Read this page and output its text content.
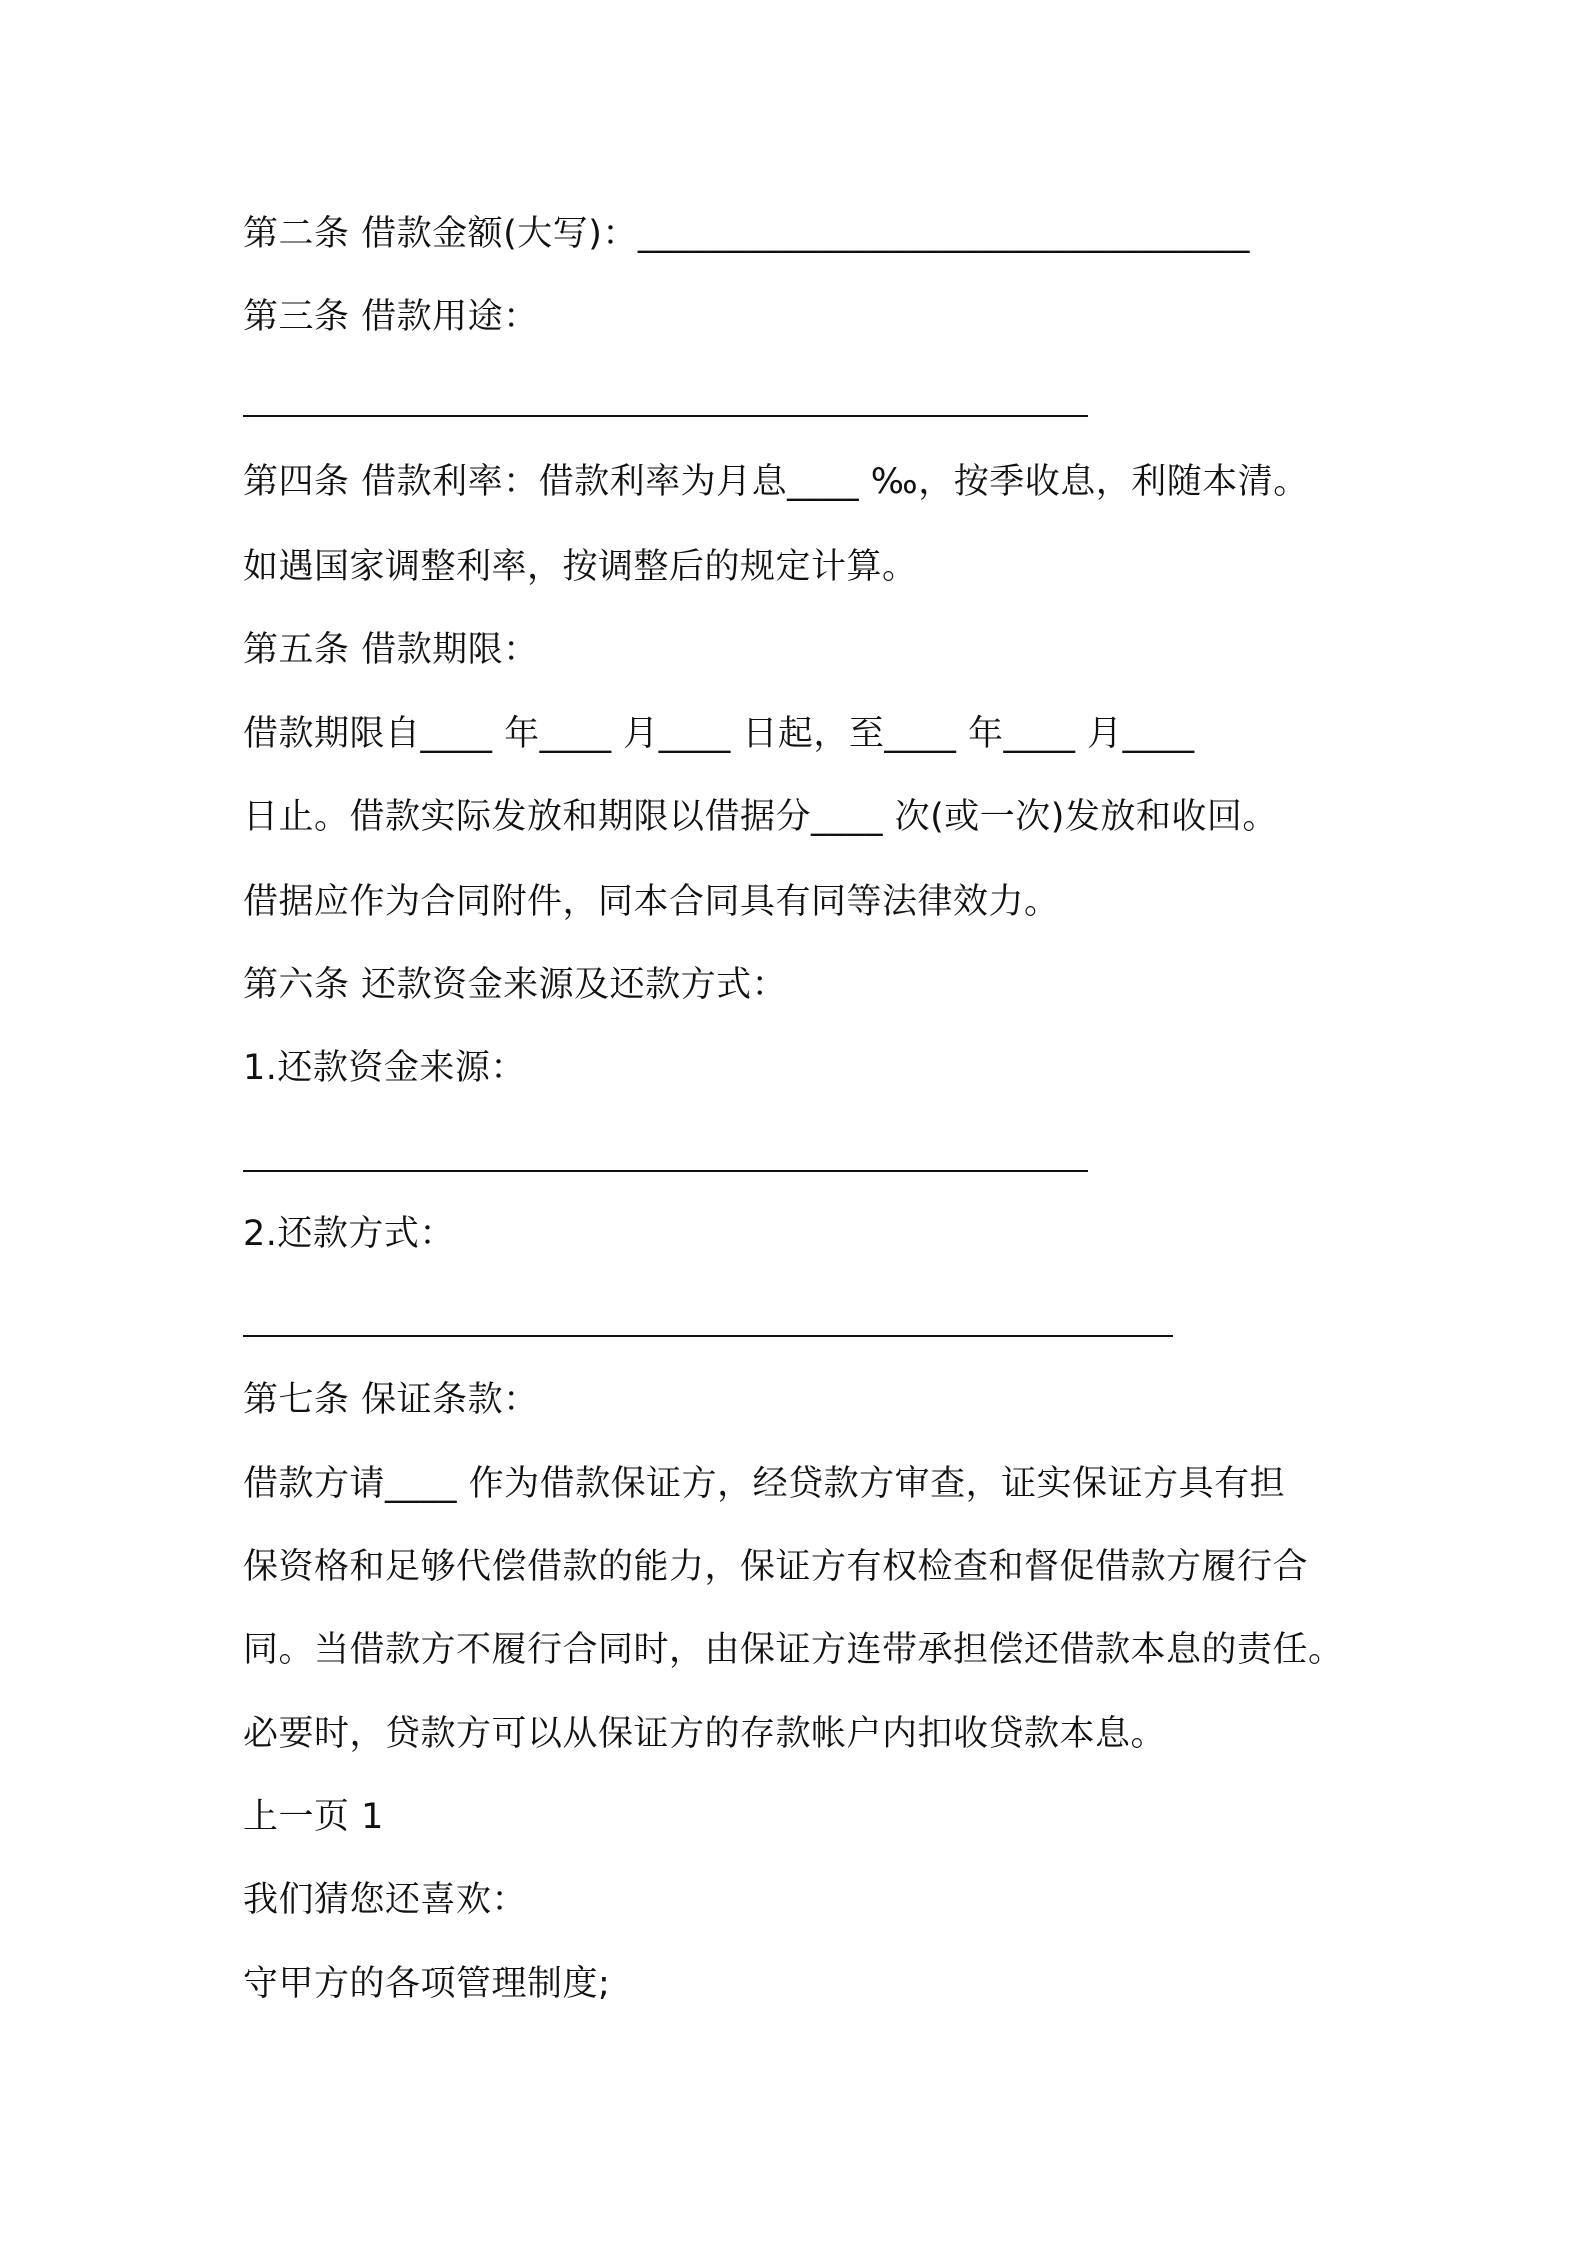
第二条 借款金额(大写)：__________________________________
第三条 借款用途：
第四条 借款利率：借款利率为月息____ ‰，按季收息，利随本清。
如遇国家调整利率，按调整后的规定计算。
第五条 借款期限：
借款期限自____ 年____ 月____ 日起，至____ 年____ 月____
日止。借款实际发放和期限以借据分____ 次(或一次)发放和收回。
借据应作为合同附件，同本合同具有同等法律效力。
第六条 还款资金来源及还款方式：
1.还款资金来源：
2.还款方式：
第七条 保证条款：
借款方请____ 作为借款保证方，经贷款方审查，证实保证方具有担
保资格和足够代偿借款的能力，保证方有权检查和督促借款方履行合
同。当借款方不履行合同时，由保证方连带承担偿还借款本息的责任。
必要时，贷款方可以从保证方的存款帐户内扣收贷款本息。
上一页 1
我们猜您还喜欢：
守甲方的各项管理制度;
